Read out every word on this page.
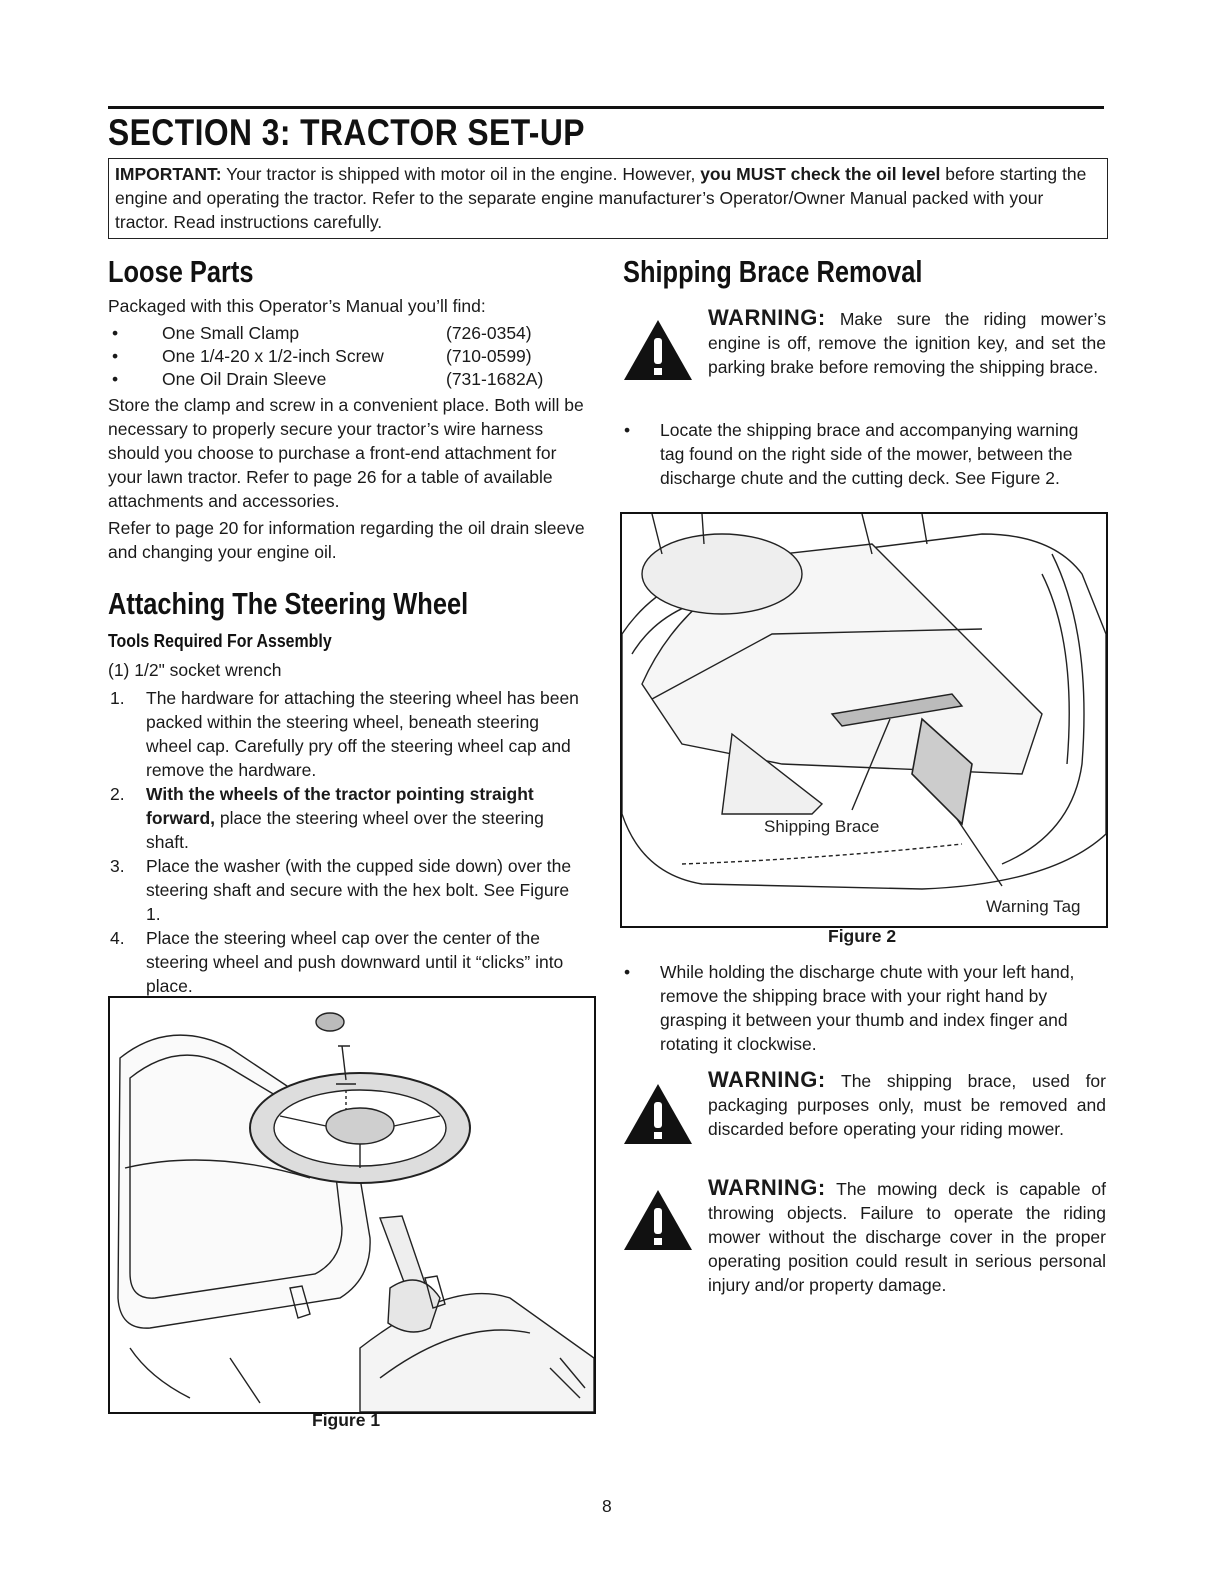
SECTION 3: TRACTOR SET-UP
IMPORTANT: Your tractor is shipped with motor oil in the engine. However, you MUST check the oil level before starting the engine and operating the tractor. Refer to the separate engine manufacturer’s Operator/Owner Manual packed with your tractor. Read instructions carefully.
Loose Parts
Packaged with this Operator’s Manual you’ll find:
•	One Small Clamp	(726-0354)
•	One 1/4-20 x 1/2-inch Screw	(710-0599)
•	One Oil Drain Sleeve	(731-1682A)
Store the clamp and screw in a convenient place. Both will be necessary to properly secure your tractor’s wire harness should you choose to purchase a front-end attachment for your lawn tractor. Refer to page 26 for a table of available attachments and accessories.
Refer to page 20 for information regarding the oil drain sleeve and changing your engine oil.
Attaching The Steering Wheel
Tools Required For Assembly
(1) 1/2" socket wrench
1.	The hardware for attaching the steering wheel has been packed within the steering wheel, beneath steering wheel cap. Carefully pry off the steering wheel cap and remove the hardware.
2.	With the wheels of the tractor pointing straight forward, place the steering wheel over the steering shaft.
3.	Place the washer (with the cupped side down) over the steering shaft and secure with the hex bolt. See Figure 1.
4.	Place the steering wheel cap over the center of the steering wheel and push downward until it “clicks” into place.
Figure 1
Shipping Brace Removal
WARNING: Make sure the riding mower’s engine is off, remove the ignition key, and set the parking brake before removing the shipping brace.
•	Locate the shipping brace and accompanying warning tag found on the right side of the mower, between the discharge chute and the cutting deck. See Figure 2.
Shipping Brace
Warning Tag
Figure 2
•	While holding the discharge chute with your left hand, remove the shipping brace with your right hand by grasping it between your thumb and index finger and rotating it clockwise.
WARNING: The shipping brace, used for packaging purposes only, must be removed and discarded before operating your riding mower.
WARNING: The mowing deck is capable of throwing objects. Failure to operate the riding mower without the discharge cover in the proper operating position could result in serious personal injury and/or property damage.
8
